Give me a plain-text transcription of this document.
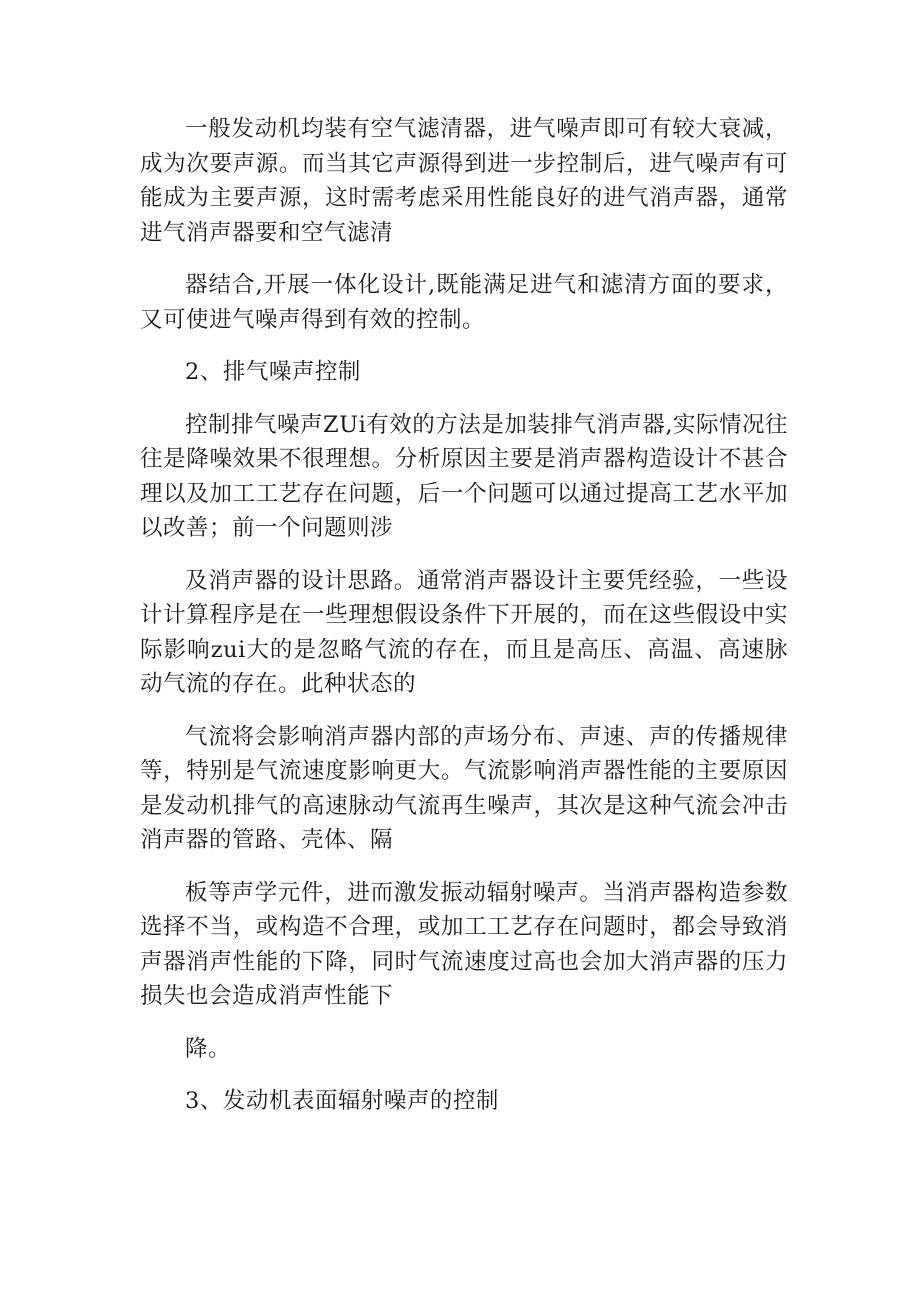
一般发动机均装有空气滤清器，进气噪声即可有较大衰减，成为次要声源。而当其它声源得到进一步控制后，进气噪声有可能成为主要声源，这时需考虑采用性能良好的进气消声器，通常进气消声器要和空气滤清

器结合,开展一体化设计,既能满足进气和滤清方面的要求，又可使进气噪声得到有效的控制。

2、排气噪声控制

控制排气噪声ZUi有效的方法是加装排气消声器,实际情况往往是降噪效果不很理想。分析原因主要是消声器构造设计不甚合理以及加工工艺存在问题，后一个问题可以通过提高工艺水平加以改善；前一个问题则涉

及消声器的设计思路。通常消声器设计主要凭经验，一些设计计算程序是在一些理想假设条件下开展的，而在这些假设中实际影响zui大的是忽略气流的存在，而且是高压、高温、高速脉动气流的存在。此种状态的

气流将会影响消声器内部的声场分布、声速、声的传播规律等，特别是气流速度影响更大。气流影响消声器性能的主要原因是发动机排气的高速脉动气流再生噪声，其次是这种气流会冲击消声器的管路、壳体、隔

板等声学元件，进而激发振动辐射噪声。当消声器构造参数选择不当，或构造不合理，或加工工艺存在问题时，都会导致消声器消声性能的下降，同时气流速度过高也会加大消声器的压力损失也会造成消声性能下

降。

3、发动机表面辐射噪声的控制
